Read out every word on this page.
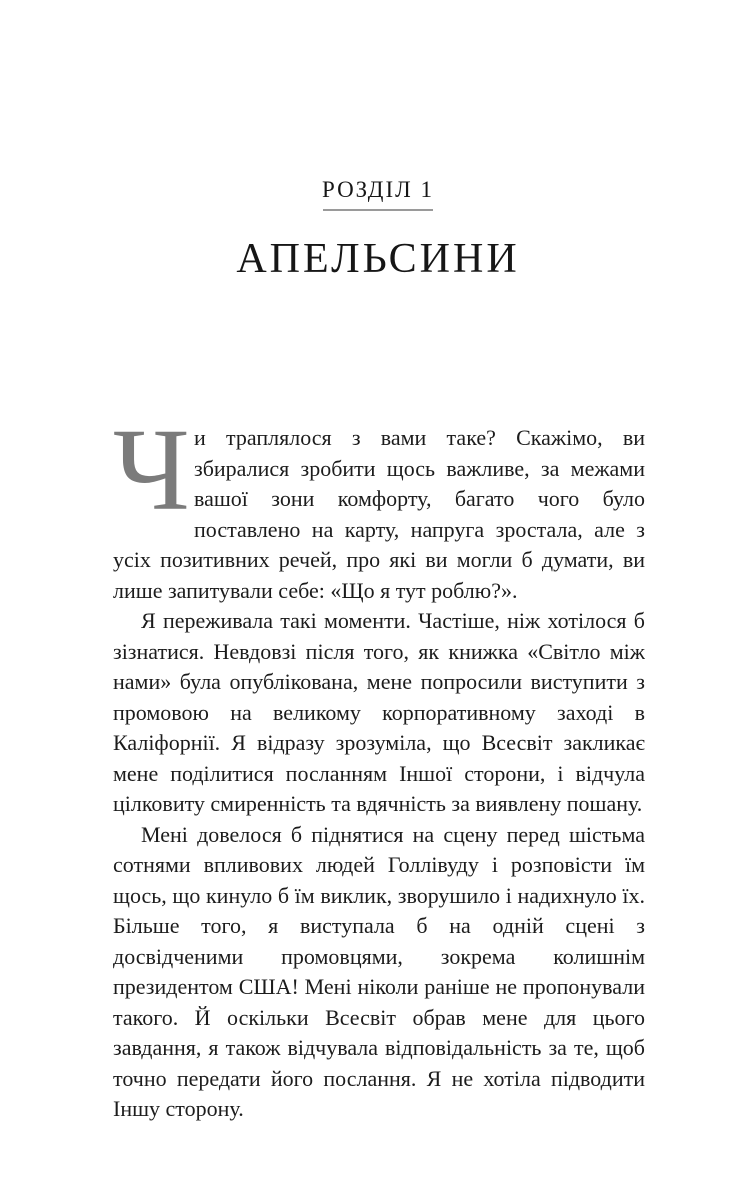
РОЗДІЛ 1
АПЕЛЬСИНИ

Чи траплялося з вами таке? Скажімо, ви збиралися зробити щось важливе, за межами вашої зони комфорту, багато чого було поставлено на карту, напруга зростала, але з усіх позитивних речей, про які ви могли б думати, ви лише запитували себе: «Що я тут роблю?».

Я переживала такі моменти. Частіше, ніж хотілося б зізнатися. Невдовзі після того, як книжка «Світло між нами» була опублікована, мене попросили виступити з промовою на великому корпоративному заході в Каліфорнії. Я відразу зрозуміла, що Всесвіт закликає мене поділитися посланням Іншої сторони, і відчула цілковиту смиренність та вдячність за виявлену пошану.

Мені довелося б піднятися на сцену перед шістьма сотнями впливових людей Голлівуду і розповісти їм щось, що кинуло б їм виклик, зворушило і надихнуло їх. Більше того, я виступала б на одній сцені з досвідченими промовцями, зокрема колишнім президентом США! Мені ніколи раніше не пропонували такого. Й оскільки Всесвіт обрав мене для цього завдання, я також відчувала відповідальність за те, щоб точно передати його послання. Я не хотіла підводити Іншу сторону.
